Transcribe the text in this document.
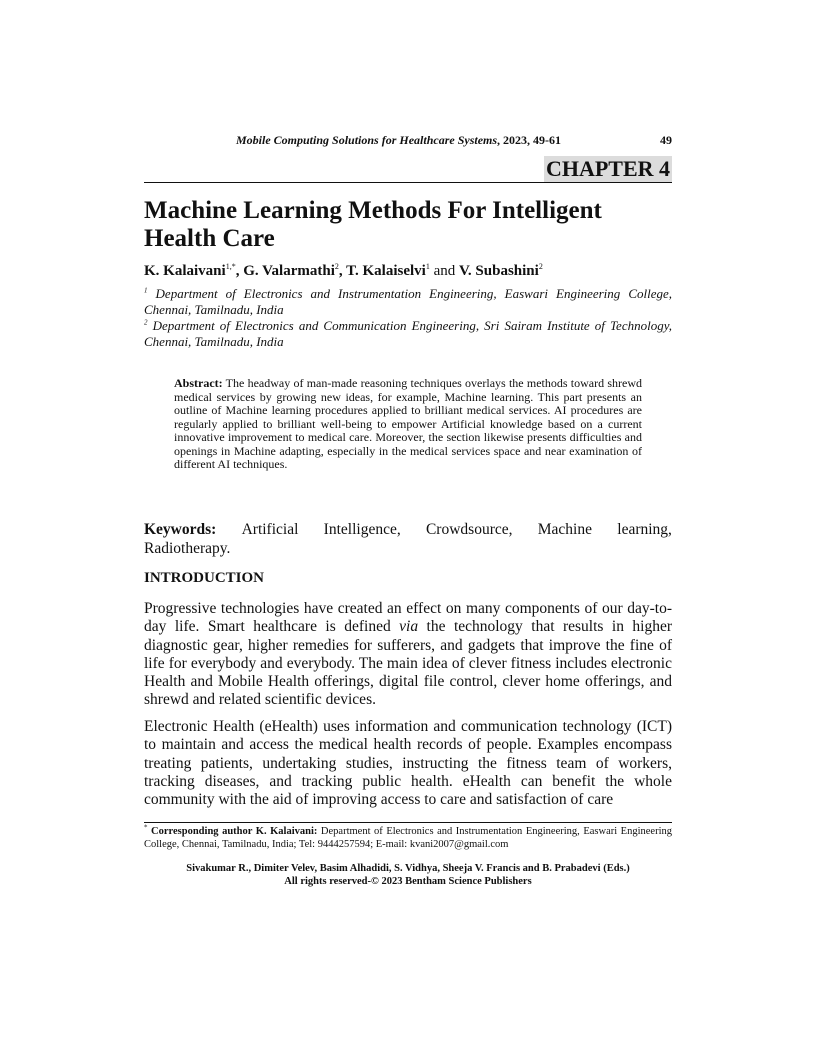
Mobile Computing Solutions for Healthcare Systems, 2023, 49-61	49
CHAPTER 4
Machine Learning Methods For Intelligent Health Care
K. Kalaivani$^{1,*}$, G. Valarmathi$^2$, T. Kalaiselvi$^1$ and V. Subashini$^2$
$^1$ Department of Electronics and Instrumentation Engineering, Easwari Engineering College, Chennai, Tamilnadu, India
$^2$ Department of Electronics and Communication Engineering, Sri Sairam Institute of Technology, Chennai, Tamilnadu, India
Abstract: The headway of man-made reasoning techniques overlays the methods toward shrewd medical services by growing new ideas, for example, Machine learning. This part presents an outline of Machine learning procedures applied to brilliant medical services. AI procedures are regularly applied to brilliant well-being to empower Artificial knowledge based on a current innovative improvement to medical care. Moreover, the section likewise presents difficulties and openings in Machine adapting, especially in the medical services space and near examination of different AI techniques.
Keywords: Artificial Intelligence, Crowdsource, Machine learning,
Radiotherapy.
INTRODUCTION

Progressive technologies have created an effect on many components of our day-to-day life. Smart healthcare is defined via the technology that results in higher diagnostic gear, higher remedies for sufferers, and gadgets that improve the fine of life for everybody and everybody. The main idea of clever fitness includes electronic Health and Mobile Health offerings, digital file control, clever home offerings, and shrewd and related scientific devices.

Electronic Health (eHealth) uses information and communication technology (ICT) to maintain and access the medical health records of people. Examples encompass treating patients, undertaking studies, instructing the fitness team of workers, tracking diseases, and tracking public health. eHealth can benefit the whole community with the aid of improving access to care and satisfaction of care

* Corresponding author K. Kalaivani: Department of Electronics and Instrumentation Engineering, Easwari Engineering College, Chennai, Tamilnadu, India; Tel: 9444257594; E-mail: kvani2007@gmail.com
Sivakumar R., Dimiter Velev, Basim Alhadidi, S. Vidhya, Sheeja V. Francis and B. Prabadevi (Eds.)
All rights reserved-© 2023 Bentham Science Publishers
